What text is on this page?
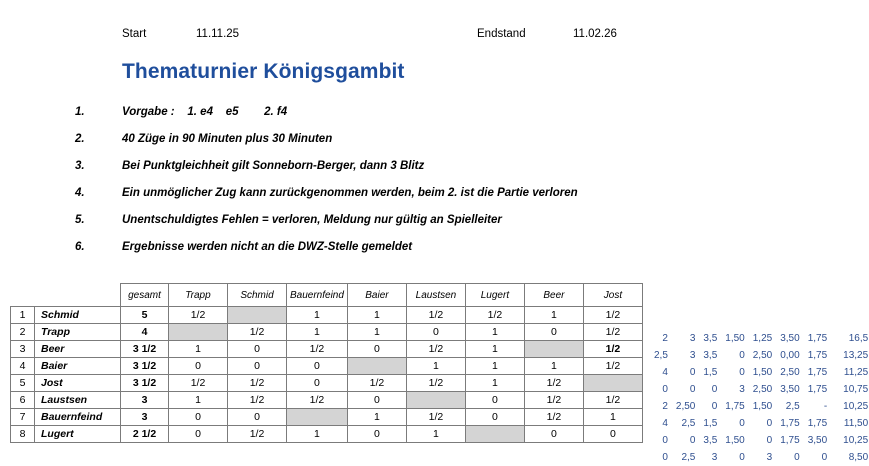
Start	11.11.25	Endstand	11.02.26
Thematurnier Königsgambit
1.	Vorgabe :    1. e4    e5        2. f4
2.	40 Züge in 90 Minuten plus 30 Minuten
3.	Bei Punktgleichheit gilt Sonneborn-Berger, dann 3 Blitz
4.	Ein unmöglicher Zug kann zurückgenommen werden, beim 2. ist die Partie verloren
5.	Unentschuldigtes Fehlen = verloren, Meldung nur gültig an Spielleiter
6.	Ergebnisse werden nicht an die DWZ-Stelle gemeldet
		gesamt	Trapp	Schmid	Bauernfeind	Baier	Laustsen	Lugert	Beer	Jost
1	Schmid	5	1/2		1	1	1/2	1/2	1	1/2
2	Trapp	4		1/2	1	1	0	1	0	1/2
3	Beer	3 1/2	1	0	1/2	0	1/2	1		1/2
4	Baier	3 1/2	0	0	0		1	1	1	1/2
5	Jost	3 1/2	1/2	1/2	0	1/2	1/2	1	1/2	
6	Laustsen	3	1	1/2	1/2	0		0	1/2	1/2
7	Bauernfeind	3	0	0		1	1/2	0	1/2	1
8	Lugert	2 1/2	0	1/2	1	0	1		0	0
2	3	3,5	1,50	1,25	3,50	1,75	16,5
2,5	3	3,5	0	2,50	0,00	1,75	13,25
4	0	1,5	0	1,50	2,50	1,75	11,25
0	0	0	3	2,50	3,50	1,75	10,75
2	2,50	0	1,75	1,50	2,5	-	10,25
4	2,5	1,5	0	0	1,75	1,75	11,50
0	0	3,5	1,50	0	1,75	3,50	10,25
0	2,5	3	0	3	0	0	8,50
